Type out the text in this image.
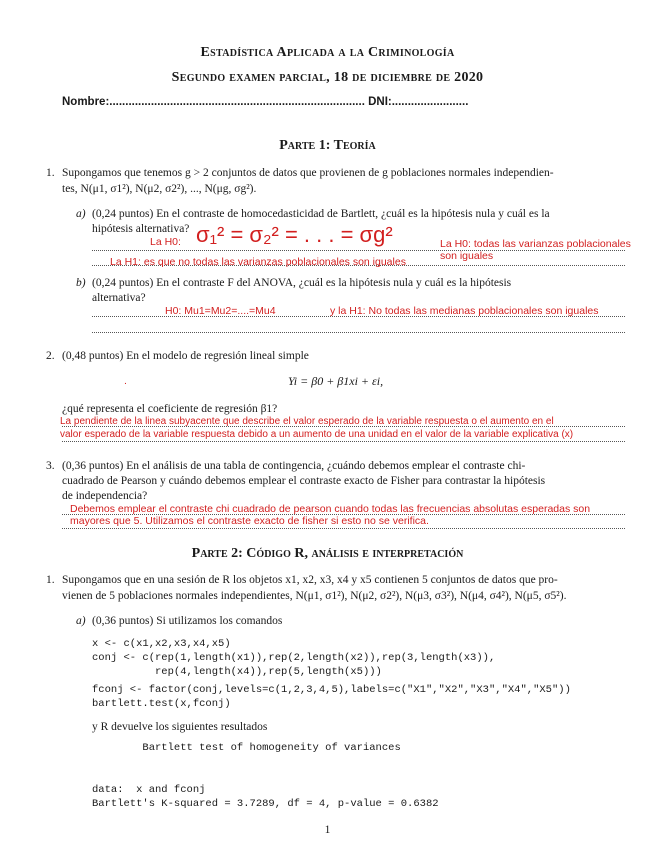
Estadística Aplicada a la Criminología
Segundo examen parcial, 18 de diciembre de 2020
Nombre:................................................................................ DNI:........................
Parte 1: Teoría
1. Supongamos que tenemos g > 2 conjuntos de datos que provienen de g poblaciones normales independien-
tes, N(μ1, σ1²), N(μ2, σ2²), ..., N(μg, σg²).
a) (0,24 puntos) En el contraste de homocedasticidad de Bartlett, ¿cuál es la hipótesis nula y cuál es la
hipótesis alternativa?
La H0: σ₁² = σ₂² = . . . = σg²	La H0: todas las varianzas poblacionales
son iguales
La H1: es que no todas las varianzas poblacionales son iguales
b) (0,24 puntos) En el contraste F del ANOVA, ¿cuál es la hipótesis nula y cuál es la hipótesis
alternativa?
H0: Mu1=Mu2=....=Mu4	y la H1: No todas las medianas poblacionales son iguales
2. (0,48 puntos) En el modelo de regresión lineal simple
.	Yi = β0 + β1xi + εi,
¿qué representa el coeficiente de regresión β1?
La pendiente de la linea subyacente que describe el valor esperado de la variable respuesta o el aumento en el
valor esperado de la variable respuesta debido a un aumento de una unidad en el valor de la variable explicativa (x)
3. (0,36 puntos) En el análisis de una tabla de contingencia, ¿cuándo debemos emplear el contraste chi-
cuadrado de Pearson y cuándo debemos emplear el contraste exacto de Fisher para contrastar la hipótesis
de independencia?
Debemos emplear el contraste chi cuadrado de pearson cuando todas las frecuencias absolutas esperadas son
mayores que 5. Utilizamos el contraste exacto de fisher si esto no se verifica.
Parte 2: Código R, análisis e interpretación
1. Supongamos que en una sesión de R los objetos x1, x2, x3, x4 y x5 contienen 5 conjuntos de datos que pro-
vienen de 5 poblaciones normales independientes, N(μ1, σ1²), N(μ2, σ2²), N(μ3, σ3²), N(μ4, σ4²), N(μ5, σ5²).
a) (0,36 puntos) Si utilizamos los comandos
x <- c(x1,x2,x3,x4,x5)
conj <- c(rep(1,length(x1)),rep(2,length(x2)),rep(3,length(x3)),
rep(4,length(x4)),rep(5,length(x5)))
fconj <- factor(conj,levels=c(1,2,3,4,5),labels=c("X1","X2","X3","X4","X5"))
bartlett.test(x,fconj)
y R devuelve los siguientes resultados
Bartlett test of homogeneity of variances
data:  x and fconj
Bartlett's K-squared = 3.7289, df = 4, p-value = 0.6382
1
